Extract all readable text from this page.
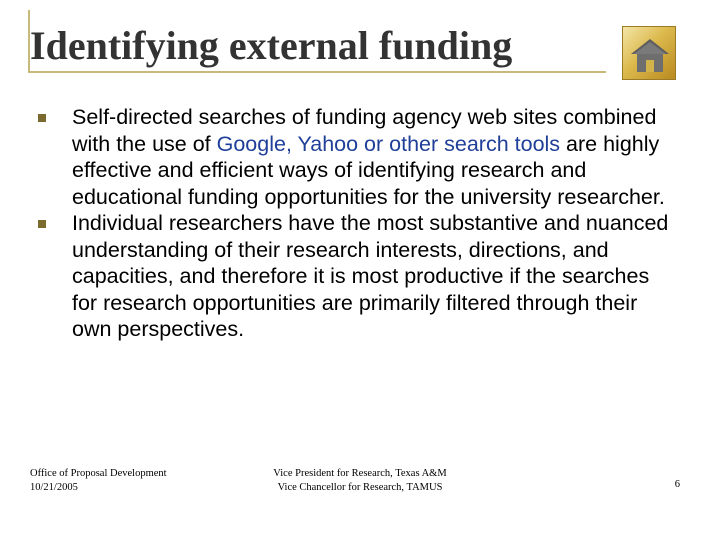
Identifying external funding
Self-directed searches of funding agency web sites combined with the use of Google, Yahoo or other search tools are highly effective and efficient ways of identifying research and educational funding opportunities for the university researcher.
Individual researchers have the most substantive and nuanced understanding of their research interests, directions, and capacities, and therefore it is most productive if the searches for research opportunities are primarily filtered through their own perspectives.
Office of Proposal Development
10/21/2005
Vice President for Research, Texas A&M
Vice Chancellor for Research, TAMUS	6
